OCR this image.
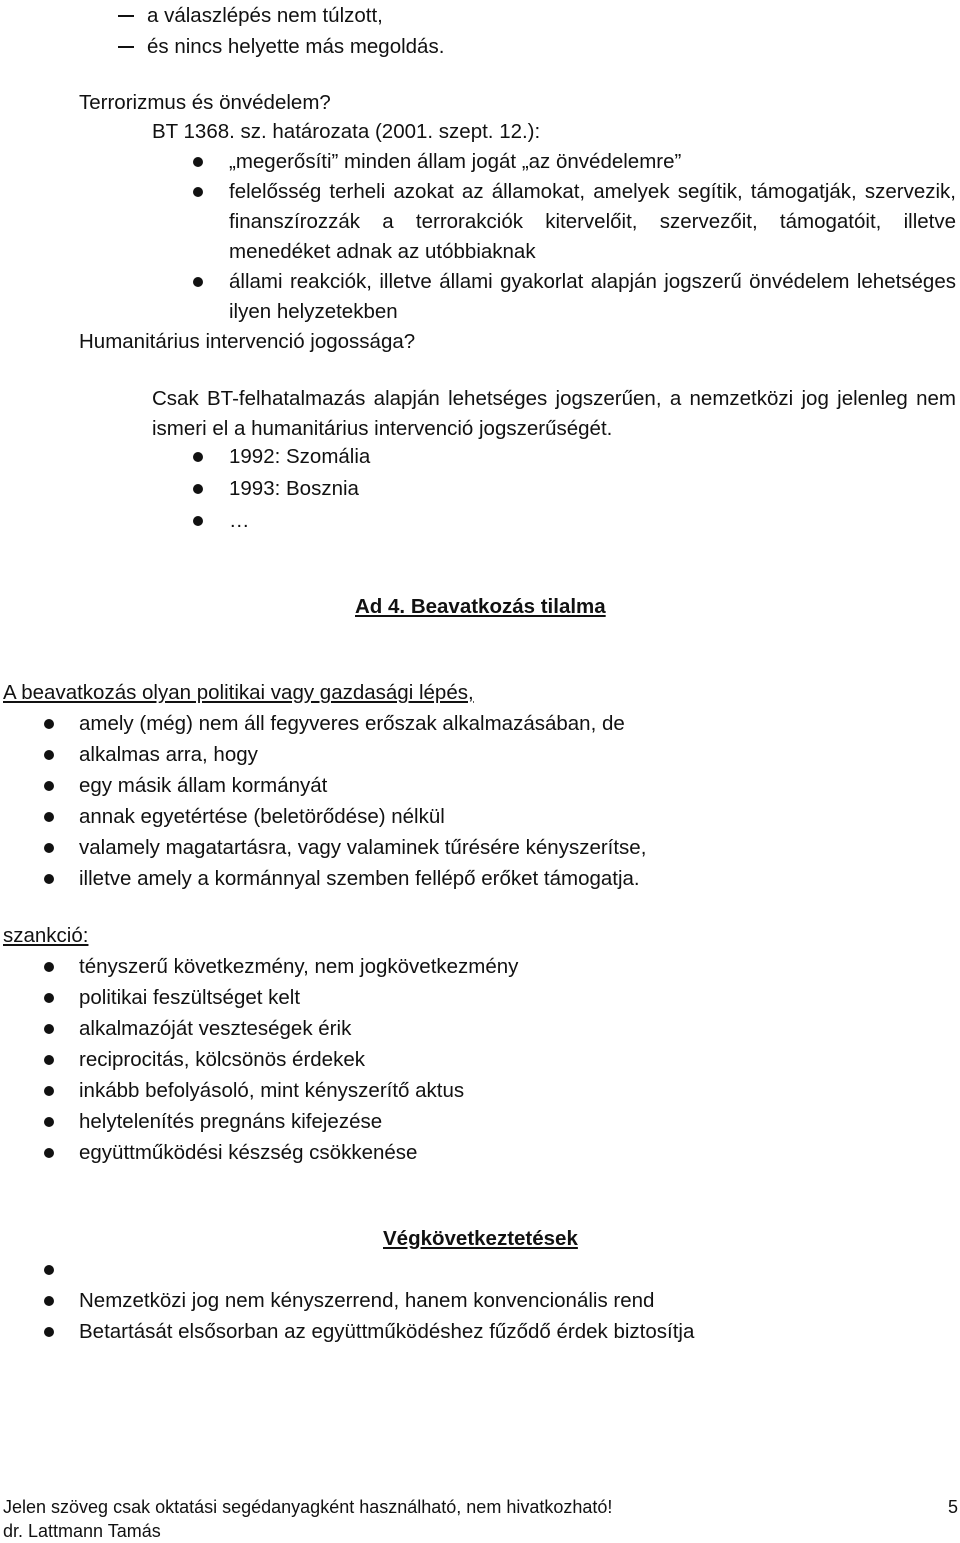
a válaszlépés nem túlzott,
és nincs helyette más megoldás.
Terrorizmus és önvédelem?
BT 1368. sz. határozata (2001. szept. 12.):
„megerősíti” minden állam jogát „az önvédelemre”
felelősség terheli azokat az államokat, amelyek segítik, támogatják, szervezik,
finanszírozzák a terrorakciók kitervelőit, szervezőit, támogatóit, illetve
menedéket adnak az utóbbiaknak
állami reakciók, illetve állami gyakorlat alapján jogszerű önvédelem lehetséges
ilyen helyzetekben
Humanitárius intervenció jogossága?
Csak BT-felhatalmazás alapján lehetséges jogszerűen, a nemzetközi jog jelenleg nem
ismeri el a humanitárius intervenció jogszerűségét.
1992: Szomália
1993: Bosznia
…
Ad 4. Beavatkozás tilalma
A beavatkozás olyan politikai vagy gazdasági lépés,
amely (még) nem áll fegyveres erőszak alkalmazásában, de
alkalmas arra, hogy
egy másik állam kormányát
annak egyetértése (beletörődése) nélkül
valamely magatartásra, vagy valaminek tűrésére kényszerítse,
illetve amely a kormánnyal szemben fellépő erőket támogatja.
szankció:
tényszerű következmény, nem jogkövetkezmény
politikai feszültséget kelt
alkalmazóját veszteségek érik
reciprocitás, kölcsönös érdekek
inkább befolyásoló, mint kényszerítő aktus
helytelenítés pregnáns kifejezése
együttműködési készség csökkenése
Végkövetkeztetések
Nemzetközi jog nem kényszerrend, hanem konvencionális rend
Betartását elsősorban az együttműködéshez fűződő érdek biztosítja
Jelen szöveg csak oktatási segédanyagként használható, nem hivatkozható!
dr. Lattmann Tamás
5
